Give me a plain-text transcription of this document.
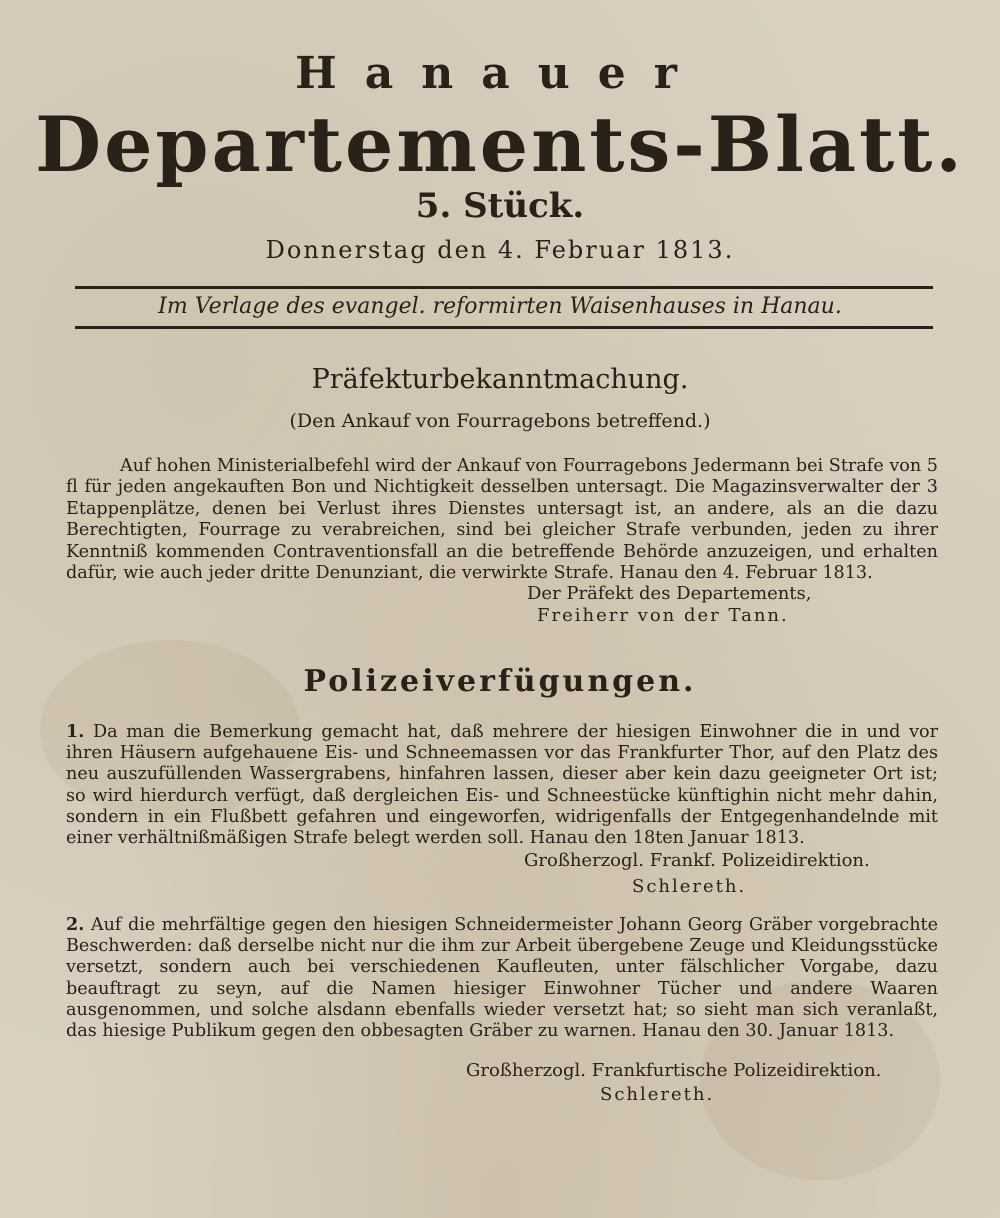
Hanauer
Departements-Blatt.
5. Stück.
Donnerstag den 4. Februar 1813.
Im Verlage des evangel. reformirten Waisenhauses in Hanau.
Präfekturbekanntmachung.
(Den Ankauf von Fourragebons betreffend.)
Auf hohen Ministerialbefehl wird der Ankauf von Fourragebons Jedermann bei Strafe von 5 fl für jeden angekauften Bon und Nichtigkeit desselben untersagt. Die Magazinsverwalter der 3 Etappenplätze, denen bei Verlust ihres Dienstes untersagt ist, an andere, als an die dazu Berechtigten, Fourrage zu verabreichen, sind bei gleicher Strafe verbunden, jeden zu ihrer Kenntniß kommenden Contraventionsfall an die betreffende Behörde anzuzeigen, und erhalten dafür, wie auch jeder dritte Denunziant, die verwirkte Strafe. Hanau den 4. Februar 1813.
Der Präfekt des Departements,
Freiherr von der Tann.
Polizeiverfügungen.
1. Da man die Bemerkung gemacht hat, daß mehrere der hiesigen Einwohner die in und vor ihren Häusern aufgehauene Eis- und Schneemassen vor das Frankfurter Thor, auf den Platz des neu auszufüllenden Wassergrabens, hinfahren lassen, dieser aber kein dazu geeigneter Ort ist; so wird hierdurch verfügt, daß dergleichen Eis- und Schneestücke künftighin nicht mehr dahin, sondern in ein Flußbett gefahren und eingeworfen, widrigenfalls der Entgegenhandelnde mit einer verhältnißmäßigen Strafe belegt werden soll. Hanau den 18ten Januar 1813.
Großherzogl. Frankf. Polizeidirektion.
Schlereth.
2. Auf die mehrfältige gegen den hiesigen Schneidermeister Johann Georg Gräber vorgebrachte Beschwerden: daß derselbe nicht nur die ihm zur Arbeit übergebene Zeuge und Kleidungsstücke versetzt, sondern auch bei verschiedenen Kaufleuten, unter fälschlicher Vorgabe, dazu beauftragt zu seyn, auf die Namen hiesiger Einwohner Tücher und andere Waaren ausgenommen, und solche alsdann ebenfalls wieder versetzt hat; so sieht man sich veranlaßt, das hiesige Publikum gegen den obbesagten Gräber zu warnen. Hanau den 30. Januar 1813.
Großherzogl. Frankfurtische Polizeidirektion.
Schlereth.
